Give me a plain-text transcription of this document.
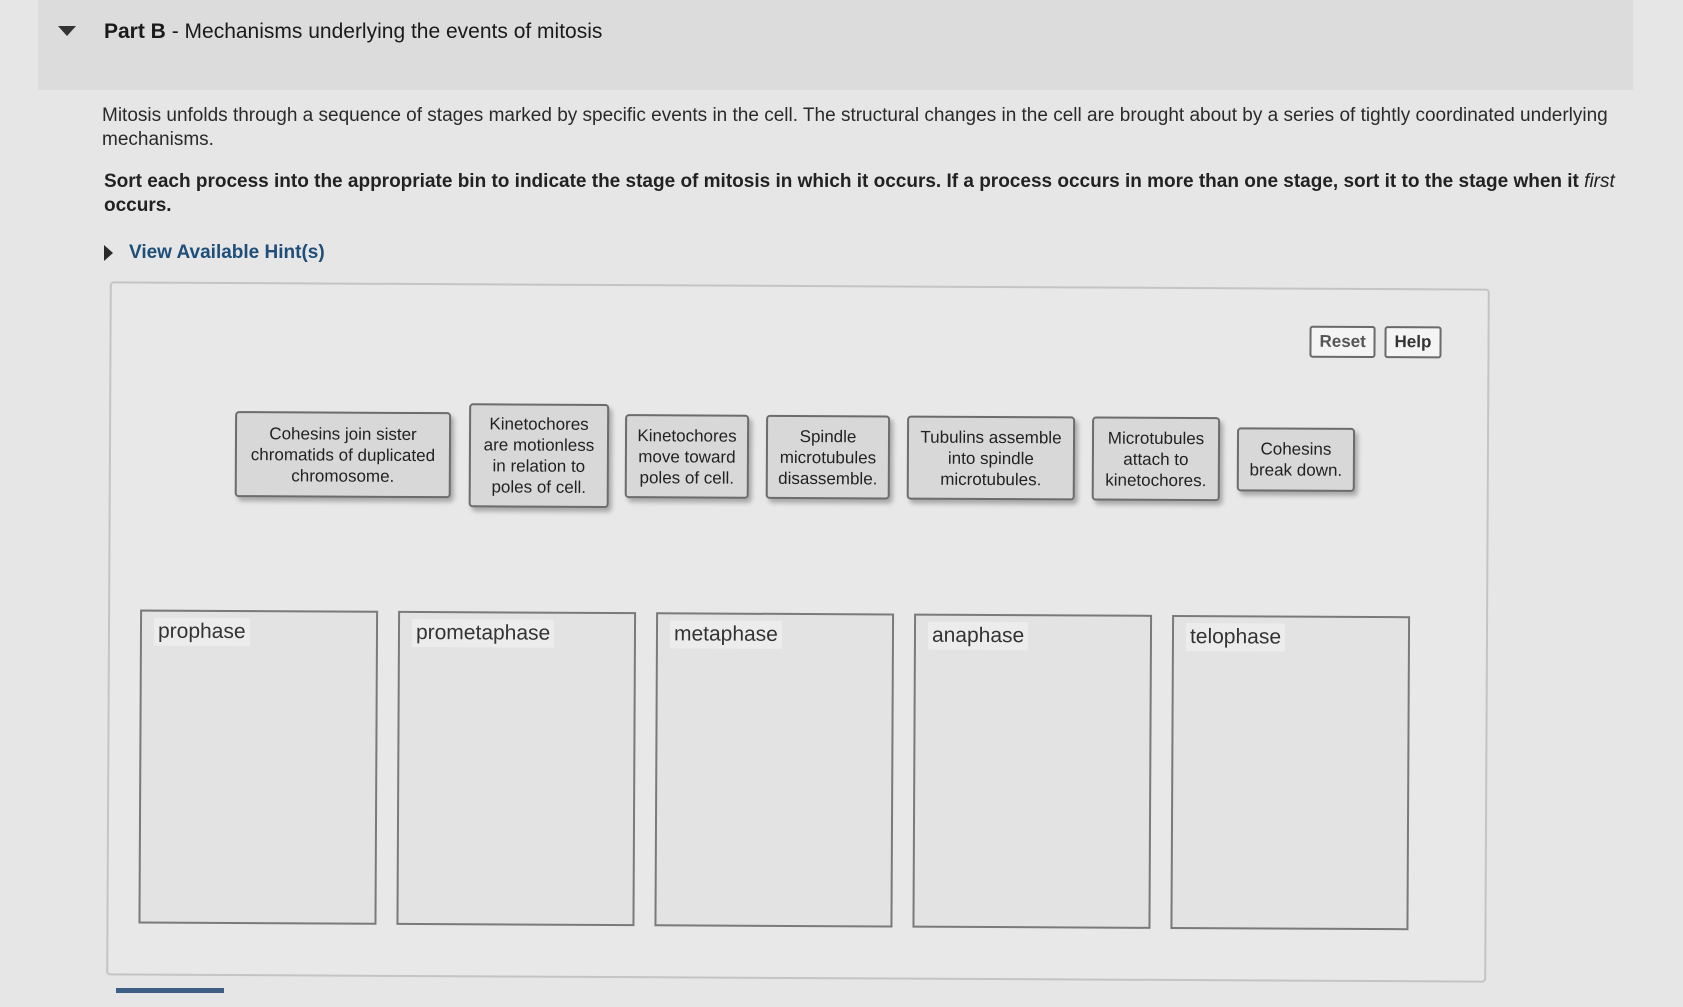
Part B - Mechanisms underlying the events of mitosis
Mitosis unfolds through a sequence of stages marked by specific events in the cell. The structural changes in the cell are brought about by a series of tightly coordinated underlying mechanisms.
Sort each process into the appropriate bin to indicate the stage of mitosis in which it occurs. If a process occurs in more than one stage, sort it to the stage when it first occurs.
View Available Hint(s)
Reset	Help
Cohesins join sister chromatids of duplicated chromosome.
Kinetochores are motionless in relation to poles of cell.
Kinetochores move toward poles of cell.
Spindle microtubules disassemble.
Tubulins assemble into spindle microtubules.
Microtubules attach to kinetochores.
Cohesins break down.
prophase	prometaphase	metaphase	anaphase	telophase
